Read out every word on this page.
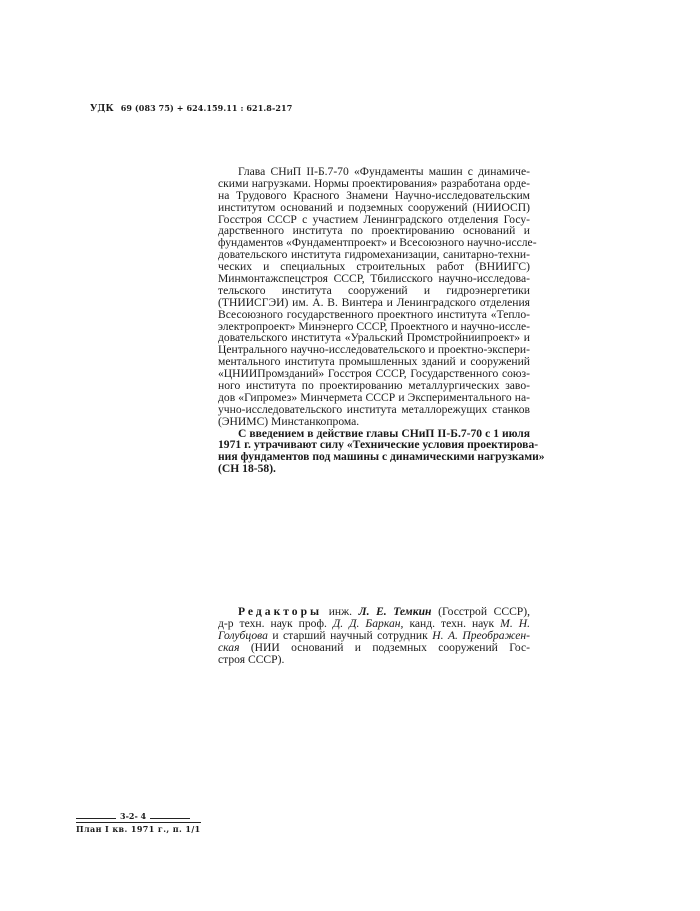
УДК 69 (083 75) + 624.159.11 : 621.8-217
Глава СНиП II-Б.7-70 «Фундаменты машин с динамиче-
скими нагрузками. Нормы проектирования» разработана орде-
на Трудового Красного Знамени Научно-исследовательским
институтом оснований и подземных сооружений (НИИОСП)
Госстроя СССР с участием Ленинградского отделения Госу-
дарственного института по проектированию оснований и
фундаментов «Фундаментпроект» и Всесоюзного научно-иссле-
довательского института гидромеханизации, санитарно-техни-
ческих и специальных строительных работ (ВНИИГС)
Минмонтажспецстроя СССР, Тбилисского научно-исследова-
тельского института сооружений и гидроэнергетики
(ТНИИСГЭИ) им. А. В. Винтера и Ленинградского отделения
Всесоюзного государственного проектного института «Тепло-
электропроект» Минэнерго СССР, Проектного и научно-иссле-
довательского института «Уральский Промстройниипроект» и
Центрального научно-исследовательского и проектно-экспери-
ментального института промышленных зданий и сооружений
«ЦНИИПромзданий» Госстроя СССР, Государственного союз-
ного института по проектированию металлургических заво-
дов «Гипромез» Минчермета СССР и Экспериментального на-
учно-исследовательского института металлорежущих станков
(ЭНИМС) Минстанкопрома.
С введением в действие главы СНиП II-Б.7-70 с 1 июля
1971 г. утрачивают силу «Технические условия проектирова-
ния фундаментов под машины с динамическими нагрузками»
(СН 18-58).
Редакторы инж. Л. Е. Темкин (Госстрой СССР),
д-р техн. наук проф. Д. Д. Баркан, канд. техн. наук М. Н.
Голубцова и старший научный сотрудник Н. А. Преображен-
ская (НИИ оснований и подземных сооружений Гос-
строя СССР).
3-2- 4
План I кв. 1971 г., п. 1/1
